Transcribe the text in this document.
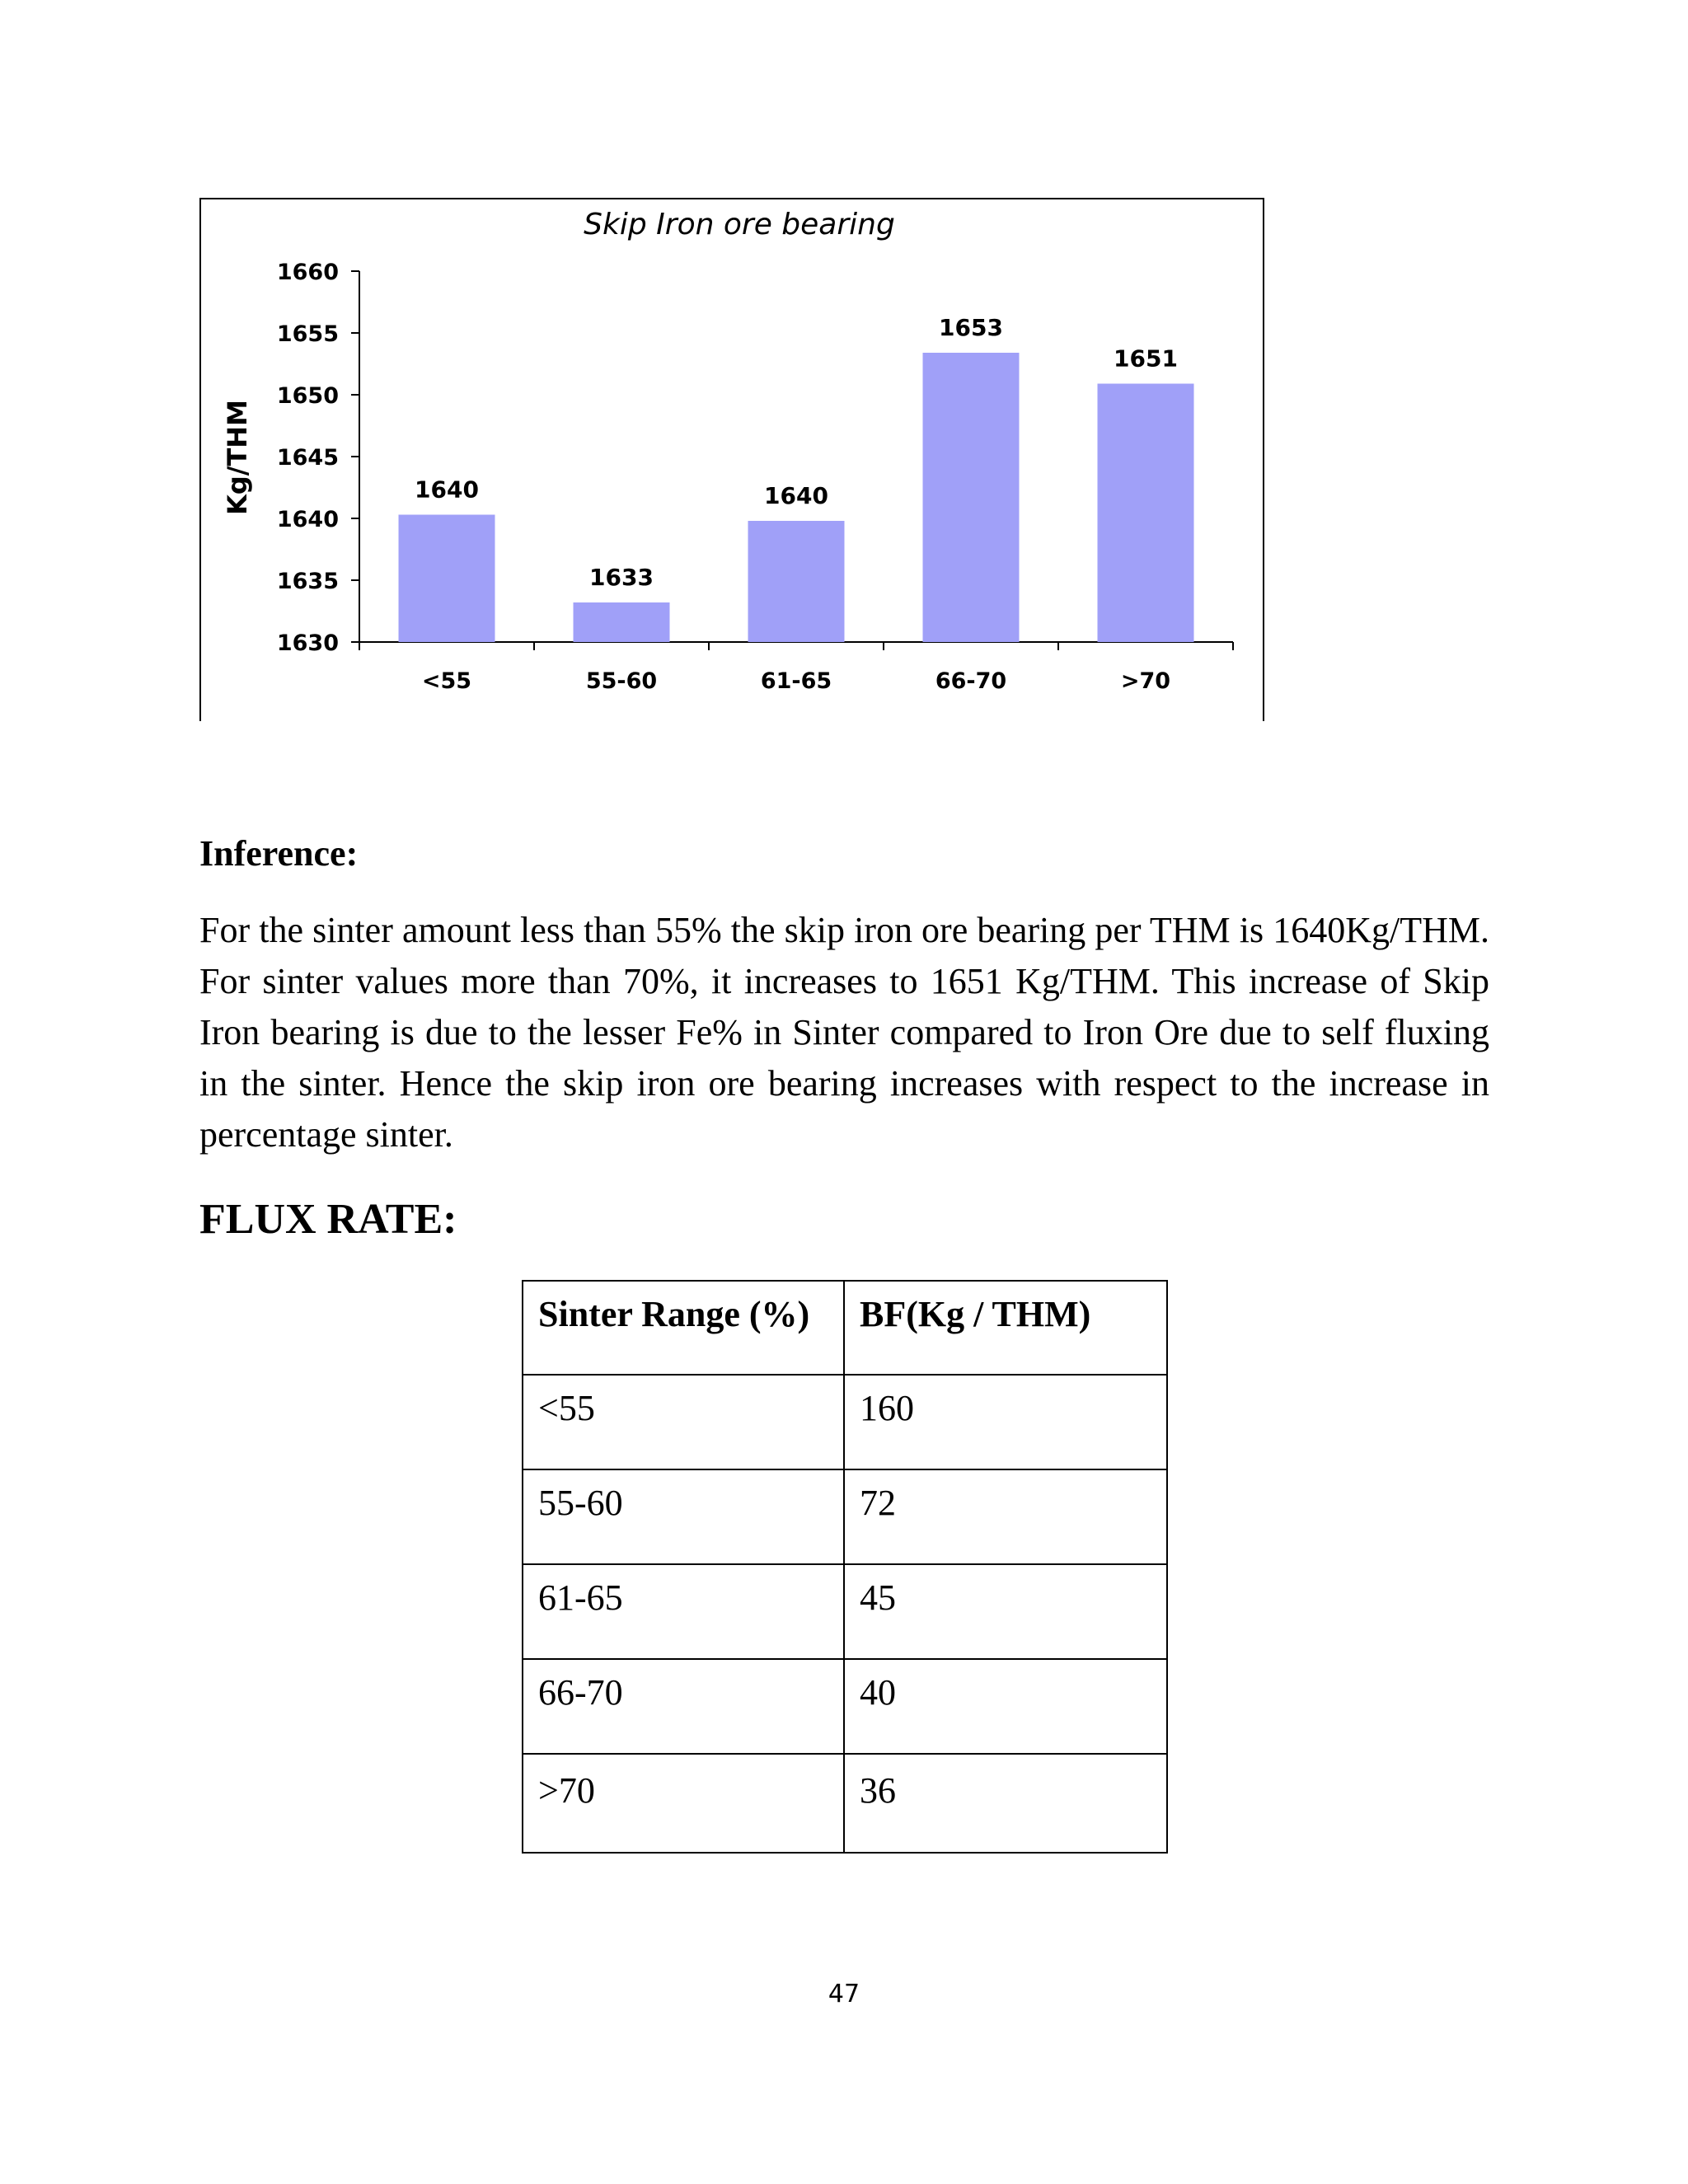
Skip Iron ore bearing
Kg/THM
1660
1655
1650
1645
1640
1635
1630
1640
<55
1633
55-60
1640
61-65
1653
66-70
1651
>70
Inference:

For the sinter amount less than 55% the skip iron ore bearing per THM is 1640Kg/THM. For sinter values more than 70%, it increases to 1651 Kg/THM. This increase of Skip Iron bearing is due to the lesser Fe% in Sinter compared to Iron Ore due to self fluxing in the sinter. Hence the skip iron ore bearing increases with respect to the increase in percentage sinter.

FLUX RATE:
Sinter Range (%)	BF(Kg / THM)
<55	160
55-60	72
61-65	45
66-70	40
>70	36

47
